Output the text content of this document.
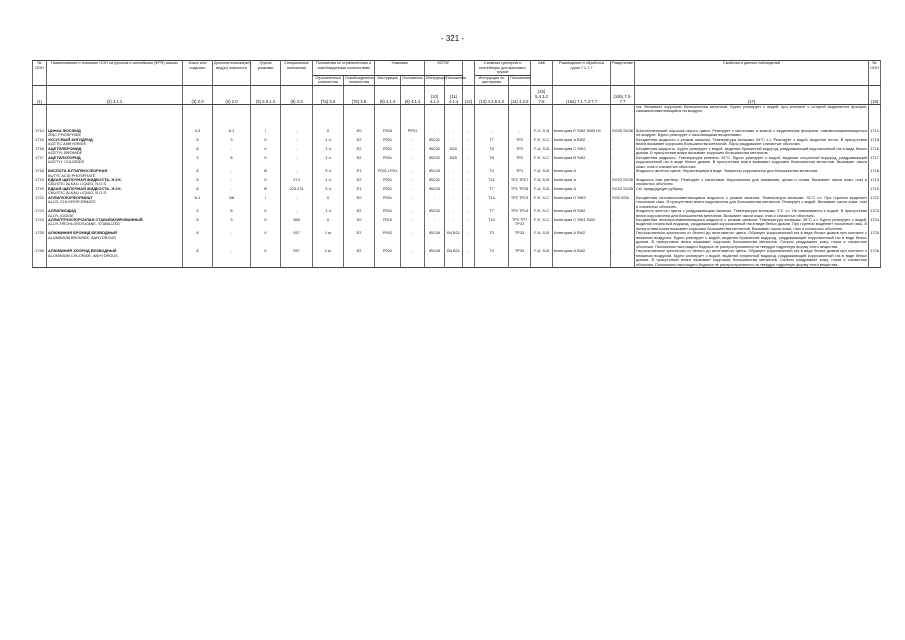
- 321 -
№ ООН	Наименование и описание ООН на русском и английском (ФРН) языках	Класс или подкласс	Дополнительная(ые) вид(ы) опасности	Группа упаковки	Специальные положения	Положения по ограниченным и освобожденным количествам		Упаковка		КСГМГ			Съемные цистерны и контейнеры для массовых грузов		АвК	Размещение и обработка груза 7.1-7.7	Разделение	Свойства и данные наблюдений	№ ООН
						Ограниченные количества	Освобожденные количества	Инструкции	Положения	Инструкции	Положения		Инструкции по цистернам	Положения					
(1)	(2) 3.1.2	(3) 2.0	(4) 2.0	(5) 2.0.1.3	(6) 3.3	(7a) 3.4	(7b) 3.5	(8) 4.1.4	(9) 4.1.4	(10) 4.1.4	(11) 4.1.4	(12)	(13) 4.2.5 4.3	(14) 4.2.5	(15) 5.4.3.2 7.8	(16a) 7.1 7.3-7.7	(16b) 7.2-7.7	(17)	(18)
																		газ. Вызывает коррозию большинства металлов. Бурно реагирует с водой, при контакте с которой выделяется фосфин, самовоспламеняющийся на воздухе.	
1714	ЦИНКА ФОСФИД
ZINC PHOSPHIDE	4.3	6.1	I	-	0	E0	P403	PP31	-	-	-	-	-	F-G, S-N	Категория E SW2 SW5 H1	SG35 SG36	Кристаллический порошок серого цвета. Реагирует с кислотами и влагой с выделением фосфина, самовоспламеняющегося на воздухе. Бурно реагирует с окисляющими веществами.	1714
1715	УКСУСНЫЙ АНГИДРИД
ACETIC ANHYDRIDE	8	3	II	-	1 л	E2	P001	-	IBC02	-	-	T7	TP2	F-E, S-C	Категория A SW2	-	Бесцветная жидкость с резким запахом. Температура вспышки: 54°C з.т. Реагирует с водой, выделяя тепло. В присутствии влаги вызывает коррозию большинства металлов. Пары раздражают слизистые оболочки.	1715
1716	АЦЕТИЛБРОМИД
ACETYL BROMIDE	8	-	II	-	1 л	E2	P001	-	IBC02	B20	-	T8	TP2	F-A, S-B	Категория C SW2	-	Бесцветная жидкость. Бурно реагирует с водой, выделяя бромистый водород, раздражающий коррозионный газ в виде белых дымов. В присутствии влаги вызывает коррозию большинства металлов.	1716
1717	АЦЕТИЛХЛОРИД
ACETYL CHLORIDE	3	8	II	-	1 л	E2	P001	-	IBC02	B20	-	T8	TP2	F-E, S-C	Категория B SW2	-	Бесцветная жидкость. Температура кипения: 52°C. Бурно реагирует с водой, выделяя хлористый водород, раздражающий коррозионный газ в виде белых дымов. В присутствии влаги вызывает коррозию большинства металлов. Вызывает ожоги кожи, глаз и слизистых оболочек.	1717
1718	КИСЛОТА БУТИЛФОСФОРНАЯ
BUTYL ACID PHOSPHATE	8	-	III	-	5 л	E1	P001 LP01	-	IBC03	-	-	T4	TP1	F-A, S-B	Категория A	-	Жидкость желтого цвета. Нерастворима в воде. Умеренно коррозионна для большинства металлов.	1718
1719	ЕДКАЯ ЩЕЛОЧНАЯ ЖИДКОСТЬ, Н.У.К.
CAUSTIC ALKALI LIQUID, N.O.S.	8	-	II	274	1 л	E2	P001	-	IBC02	-	-	T11	TP2 TP27	F-A, S-B	Категория A	SG22 SG35	Жидкость или раствор. Реагирует с кислотами. Коррозионна для алюминия, цинка и олова. Вызывает ожоги кожи, глаз и слизистых оболочек.	1719
1719	ЕДКАЯ ЩЕЛОЧНАЯ ЖИДКОСТЬ, Н.У.К.
CAUSTIC ALKALI LIQUID, N.O.S.	8	-	III	223 274	5 л	E1	P001	-	IBC03	-	-	T7	TP1 TP28	F-A, S-B	Категория A	SG22 SG35	См. предыдущую рубрику.	1719
1722	АЛЛИЛХЛОРФОРМИАТ
ALLYL CHLOROFORMATE	6.1	3/8	I	-	0	E0	P001	-	-	-	-	T14	TP2 TP13	F-E, S-C	Категория D SW2	SG5 SG8	Бесцветная легковоспламеняющаяся жидкость с резким запахом. Температура вспышки: 31°C з.т. При горении выделяет токсичные газы. В присутствии влаги коррозионна для большинства металлов. Реагирует с водой. Вызывает ожоги кожи, глаз и слизистых оболочек.	1722
1723	АЛЛИЛИОДИД
ALLYL IODIDE	3	8	II	-	1 л	E2	P001	-	IBC02	-	-	T7	TP2 TP13	F-E, S-C	Категория B SW2	-	Жидкость желтого цвета с раздражающим запахом. Температура вспышки: 0°C з.т. Не смешивается с водой. В присутствии влаги коррозионна для большинства металлов. Вызывает ожоги кожи, глаз и слизистых оболочек.	1723
1724	АЛЛИЛТРИХЛОРСИЛАН СТАБИЛИЗИРОВАННЫЙ
ALLYLTRICHLOROSILANE, STABILIZED	8	3	II	386	0	E0	P010	-	-	-	-	T10	TP2 TP7 TP13	F-E, S-C	Категория C SW1 SW2	-	Бесцветная легковоспламеняющаяся жидкость с резким запахом. Температура вспышки: 35°C з.т. Бурно реагирует с водой, выделяя хлористый водород, раздражающий коррозионный газ в виде белых дымов. При горении выделяет токсичные газы. В присутствии влаги вызывает коррозию большинства металлов. Вызывает ожоги кожи, глаз и слизистых оболочек.	1724
1725	АЛЮМИНИЯ БРОМИД БЕЗВОДНЫЙ
ALUMINIUM BROMIDE, ANHYDROUS	8	-	II	937	1 кг	E2	P002	-	IBC08	B4 B21	-	T3	TP33	F-A, S-B	Категория A SW2	-	Гигроскопичные кристаллы от белого до желтоватого цвета. Образует коррозионный газ в виде белых дымов при контакте с влажным воздухом. Бурно реагирует с водой, выделяя бромистый водород, раздражающий коррозионный газ в виде белых дымов. В присутствии влаги вызывает коррозию большинства металлов. Сильно раздражает кожу, глаза и слизистые оболочки. Положения настоящего Кодекса не распространяются на твердую гидратную форму этого вещества.	1725
1726	АЛЮМИНИЯ ХЛОРИД БЕЗВОДНЫЙ
ALUMINIUM CHLORIDE, ANHYDROUS	8	-	II	937	1 кг	E2	P002	-	IBC08	B4 B21	-	T3	TP33	F-A, S-B	Категория A SW2	-	Гигроскопичные кристаллы от белого до желтоватого цвета. Образует коррозионный газ в виде белых дымов при контакте с влажным воздухом. Бурно реагирует с водой, выделяя хлористый водород, раздражающий коррозионный газ в виде белых дымов. В присутствии влаги вызывает коррозию большинства металлов. Сильно раздражает кожу, глаза и слизистые оболочки. Положения настоящего Кодекса не распространяются на твердую гидратную форму этого вещества.	1726
